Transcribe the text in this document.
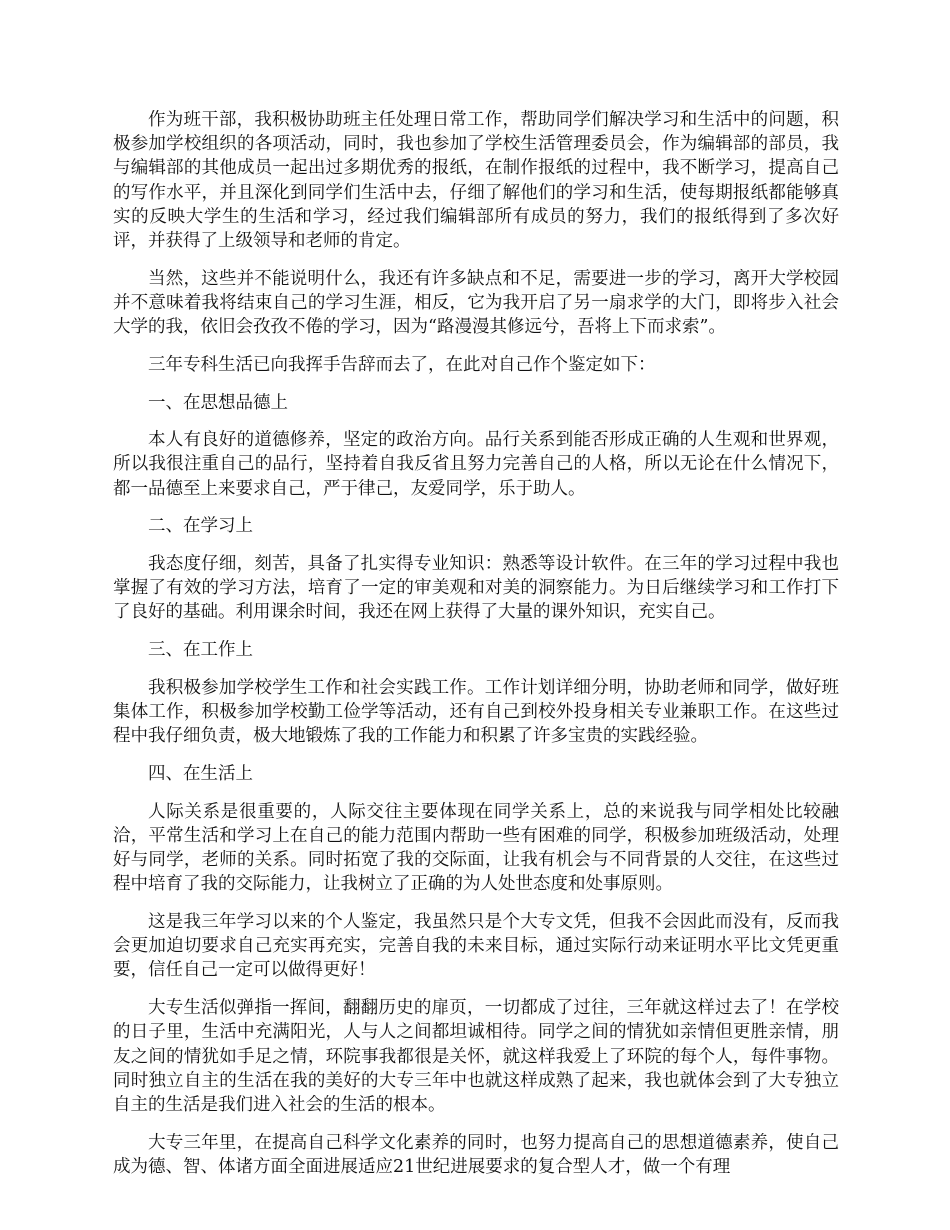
作为班干部，我积极协助班主任处理日常工作，帮助同学们解决学习和生活中的问题，积极参加学校组织的各项活动，同时，我也参加了学校生活管理委员会，作为编辑部的部员，我与编辑部的其他成员一起出过多期优秀的报纸，在制作报纸的过程中，我不断学习，提高自己的写作水平，并且深化到同学们生活中去，仔细了解他们的学习和生活，使每期报纸都能够真实的反映大学生的生活和学习，经过我们编辑部所有成员的努力，我们的报纸得到了多次好评，并获得了上级领导和老师的肯定。

当然，这些并不能说明什么，我还有许多缺点和不足，需要进一步的学习，离开大学校园并不意味着我将结束自己的学习生涯，相反，它为我开启了另一扇求学的大门，即将步入社会大学的我，依旧会孜孜不倦的学习，因为“路漫漫其修远兮，吾将上下而求索”。

三年专科生活已向我挥手告辞而去了，在此对自己作个鉴定如下：

一、在思想品德上

本人有良好的道德修养，坚定的政治方向。品行关系到能否形成正确的人生观和世界观，所以我很注重自己的品行，坚持着自我反省且努力完善自己的人格，所以无论在什么情况下，都一品德至上来要求自己，严于律己，友爱同学，乐于助人。

二、在学习上

我态度仔细，刻苦，具备了扎实得专业知识：熟悉等设计软件。在三年的学习过程中我也掌握了有效的学习方法，培育了一定的审美观和对美的洞察能力。为日后继续学习和工作打下了良好的基础。利用课余时间，我还在网上获得了大量的课外知识，充实自己。

三、在工作上

我积极参加学校学生工作和社会实践工作。工作计划详细分明，协助老师和同学，做好班集体工作，积极参加学校勤工俭学等活动，还有自己到校外投身相关专业兼职工作。在这些过程中我仔细负责，极大地锻炼了我的工作能力和积累了许多宝贵的实践经验。

四、在生活上

人际关系是很重要的，人际交往主要体现在同学关系上，总的来说我与同学相处比较融洽，平常生活和学习上在自己的能力范围内帮助一些有困难的同学，积极参加班级活动，处理好与同学，老师的关系。同时拓宽了我的交际面，让我有机会与不同背景的人交往，在这些过程中培育了我的交际能力，让我树立了正确的为人处世态度和处事原则。

这是我三年学习以来的个人鉴定，我虽然只是个大专文凭，但我不会因此而没有，反而我会更加迫切要求自己充实再充实，完善自我的未来目标，通过实际行动来证明水平比文凭更重要，信任自己一定可以做得更好！

大专生活似弹指一挥间，翻翻历史的扉页，一切都成了过往，三年就这样过去了！在学校的日子里，生活中充满阳光，人与人之间都坦诚相待。同学之间的情犹如亲情但更胜亲情，朋友之间的情犹如手足之情，环院事我都很是关怀，就这样我爱上了环院的每个人，每件事物。同时独立自主的生活在我的美好的大专三年中也就这样成熟了起来，我也就体会到了大专独立自主的生活是我们进入社会的生活的根本。

大专三年里，在提高自己科学文化素养的同时，也努力提高自己的思想道德素养，使自己成为德、智、体诸方面全面进展适应21世纪进展要求的复合型人才，做一个有理
